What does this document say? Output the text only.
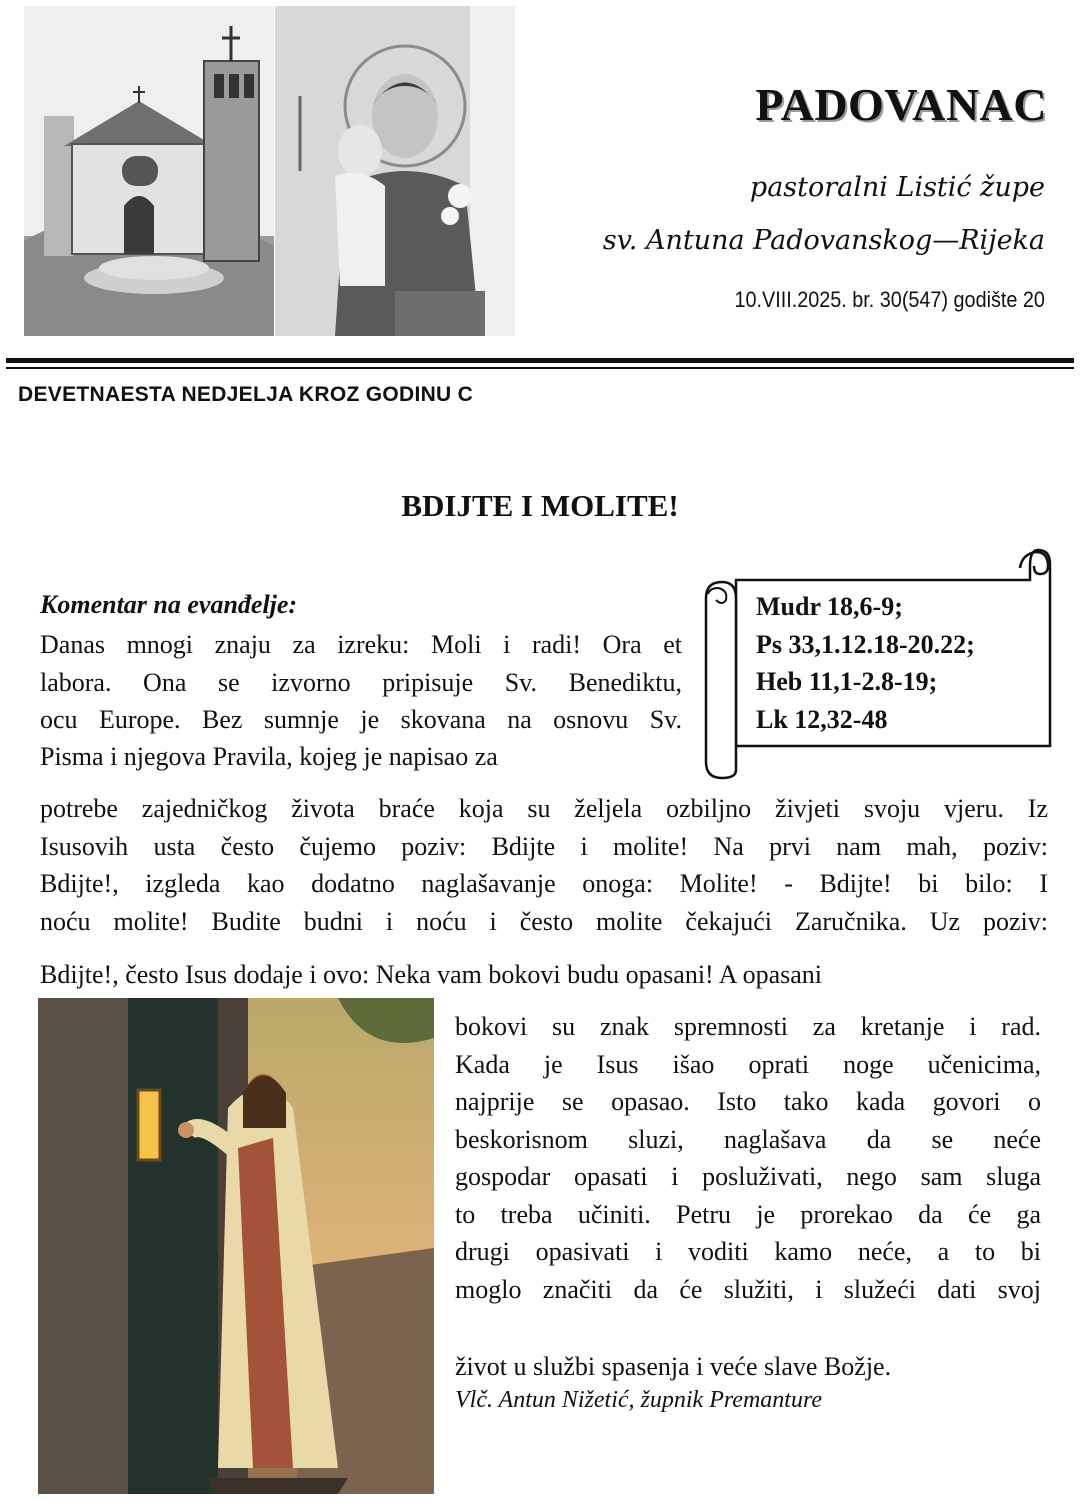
PADOVANAC
pastoralni Listić župe
sv. Antuna Padovanskog—Rijeka
10.VIII.2025. br. 30(547) godište 20
DEVETNAESTA NEDJELJA KROZ GODINU C
BDIJTE I MOLITE!
Mudr 18,6-9;
Ps 33,1.12.18-20.22;
Heb 11,1-2.8-19;
Lk 12,32-48
Komentar na evanđelje:
Danas mnogi znaju za izreku: Moli i radi! Ora et
labora. Ona se izvorno pripisuje Sv. Benediktu,
ocu Europe. Bez sumnje je skovana na osnovu Sv.
Pisma i njegova Pravila, kojeg je napisao za
potrebe zajedničkog života braće koja su željela ozbiljno živjeti svoju vjeru. Iz
Isusovih usta često čujemo poziv: Bdijte i molite! Na prvi nam mah, poziv:
Bdijte!, izgleda kao dodatno naglašavanje onoga: Molite! - Bdijte! bi bilo: I
noću molite! Budite budni i noću i često molite čekajući Zaručnika. Uz poziv:
Bdijte!, često Isus dodaje i ovo: Neka vam bokovi budu opasani! A opasani
bokovi su znak spremnosti za kretanje i rad.
Kada je Isus išao oprati noge učenicima,
najprije se opasao. Isto tako kada govori o
beskorisnom sluzi, naglašava da se neće
gospodar opasati i posluživati, nego sam sluga
to treba učiniti. Petru je prorekao da će ga
drugi opasivati i voditi kamo neće, a to bi
moglo značiti da će služiti, i služeći dati svoj
život u službi spasenja i veće slave Božje.
Vlč. Antun Nižetić, župnik Premanture
